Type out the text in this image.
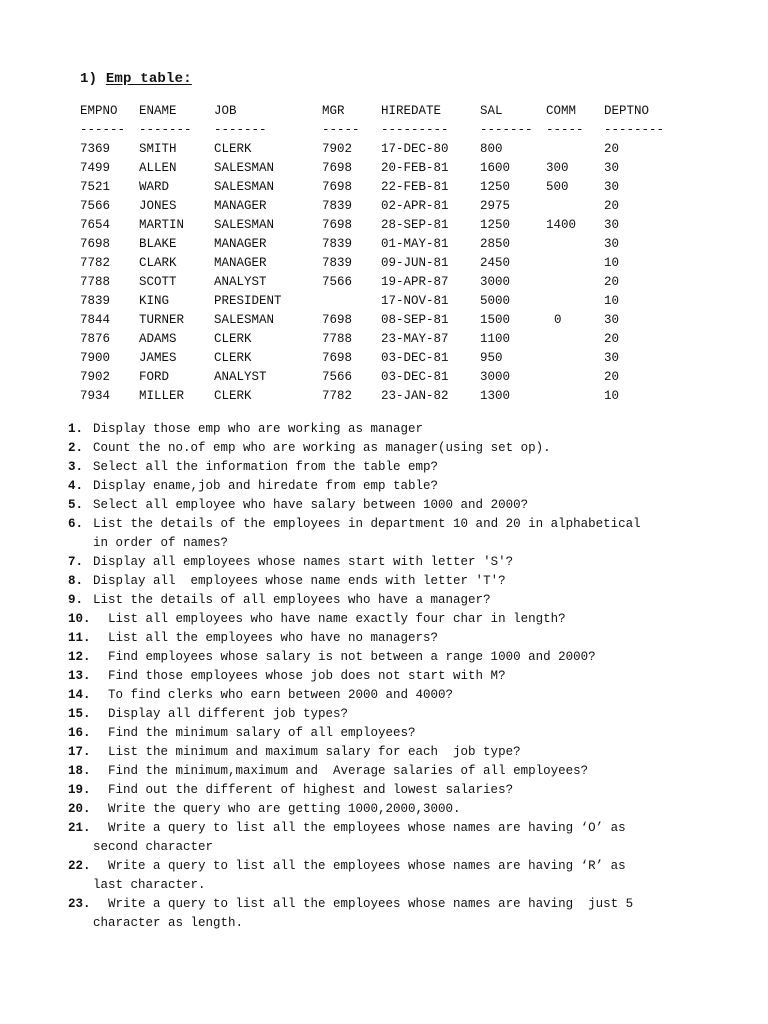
1) Emp table:
EMPNO	ENAME	JOB	MGR	HIREDATE	SAL	COMM	DEPTNO
------	-------	-------	-----	---------	-------	-----	--------
7369	SMITH	CLERK	7902	17-DEC-80	800		20
7499	ALLEN	SALESMAN	7698	20-FEB-81	1600	300	30
7521	WARD	SALESMAN	7698	22-FEB-81	1250	500	30
7566	JONES	MANAGER	7839	02-APR-81	2975		20
7654	MARTIN	SALESMAN	7698	28-SEP-81	1250	1400	30
7698	BLAKE	MANAGER	7839	01-MAY-81	2850		30
7782	CLARK	MANAGER	7839	09-JUN-81	2450		10
7788	SCOTT	ANALYST	7566	19-APR-87	3000		20
7839	KING	PRESIDENT		17-NOV-81	5000		10
7844	TURNER	SALESMAN	7698	08-SEP-81	1500	0	30
7876	ADAMS	CLERK	7788	23-MAY-87	1100		20
7900	JAMES	CLERK	7698	03-DEC-81	950		30
7902	FORD	ANALYST	7566	03-DEC-81	3000		20
7934	MILLER	CLERK	7782	23-JAN-82	1300		10
1. Display those emp who are working as manager
2. Count the no.of emp who are working as manager(using set op).
3. Select all the information from the table emp?
4. Display ename,job and hiredate from emp table?
5. Select all employee who have salary between 1000 and 2000?
6. List the details of the employees in department 10 and 20 in alphabetical
in order of names?
7. Display all employees whose names start with letter 'S'?
8. Display all  employees whose name ends with letter 'T'?
9. List the details of all employees who have a manager?
10. List all employees who have name exactly four char in length?
11. List all the employees who have no managers?
12. Find employees whose salary is not between a range 1000 and 2000?
13. Find those employees whose job does not start with M?
14. To find clerks who earn between 2000 and 4000?
15. Display all different job types?
16. Find the minimum salary of all employees?
17. List the minimum and maximum salary for each  job type?
18. Find the minimum,maximum and  Average salaries of all employees?
19. Find out the different of highest and lowest salaries?
20. Write the query who are getting 1000,2000,3000.
21. Write a query to list all the employees whose names are having ‘O’ as
second character
22. Write a query to list all the employees whose names are having ‘R’ as
last character.
23. Write a query to list all the employees whose names are having  just 5
character as length.
